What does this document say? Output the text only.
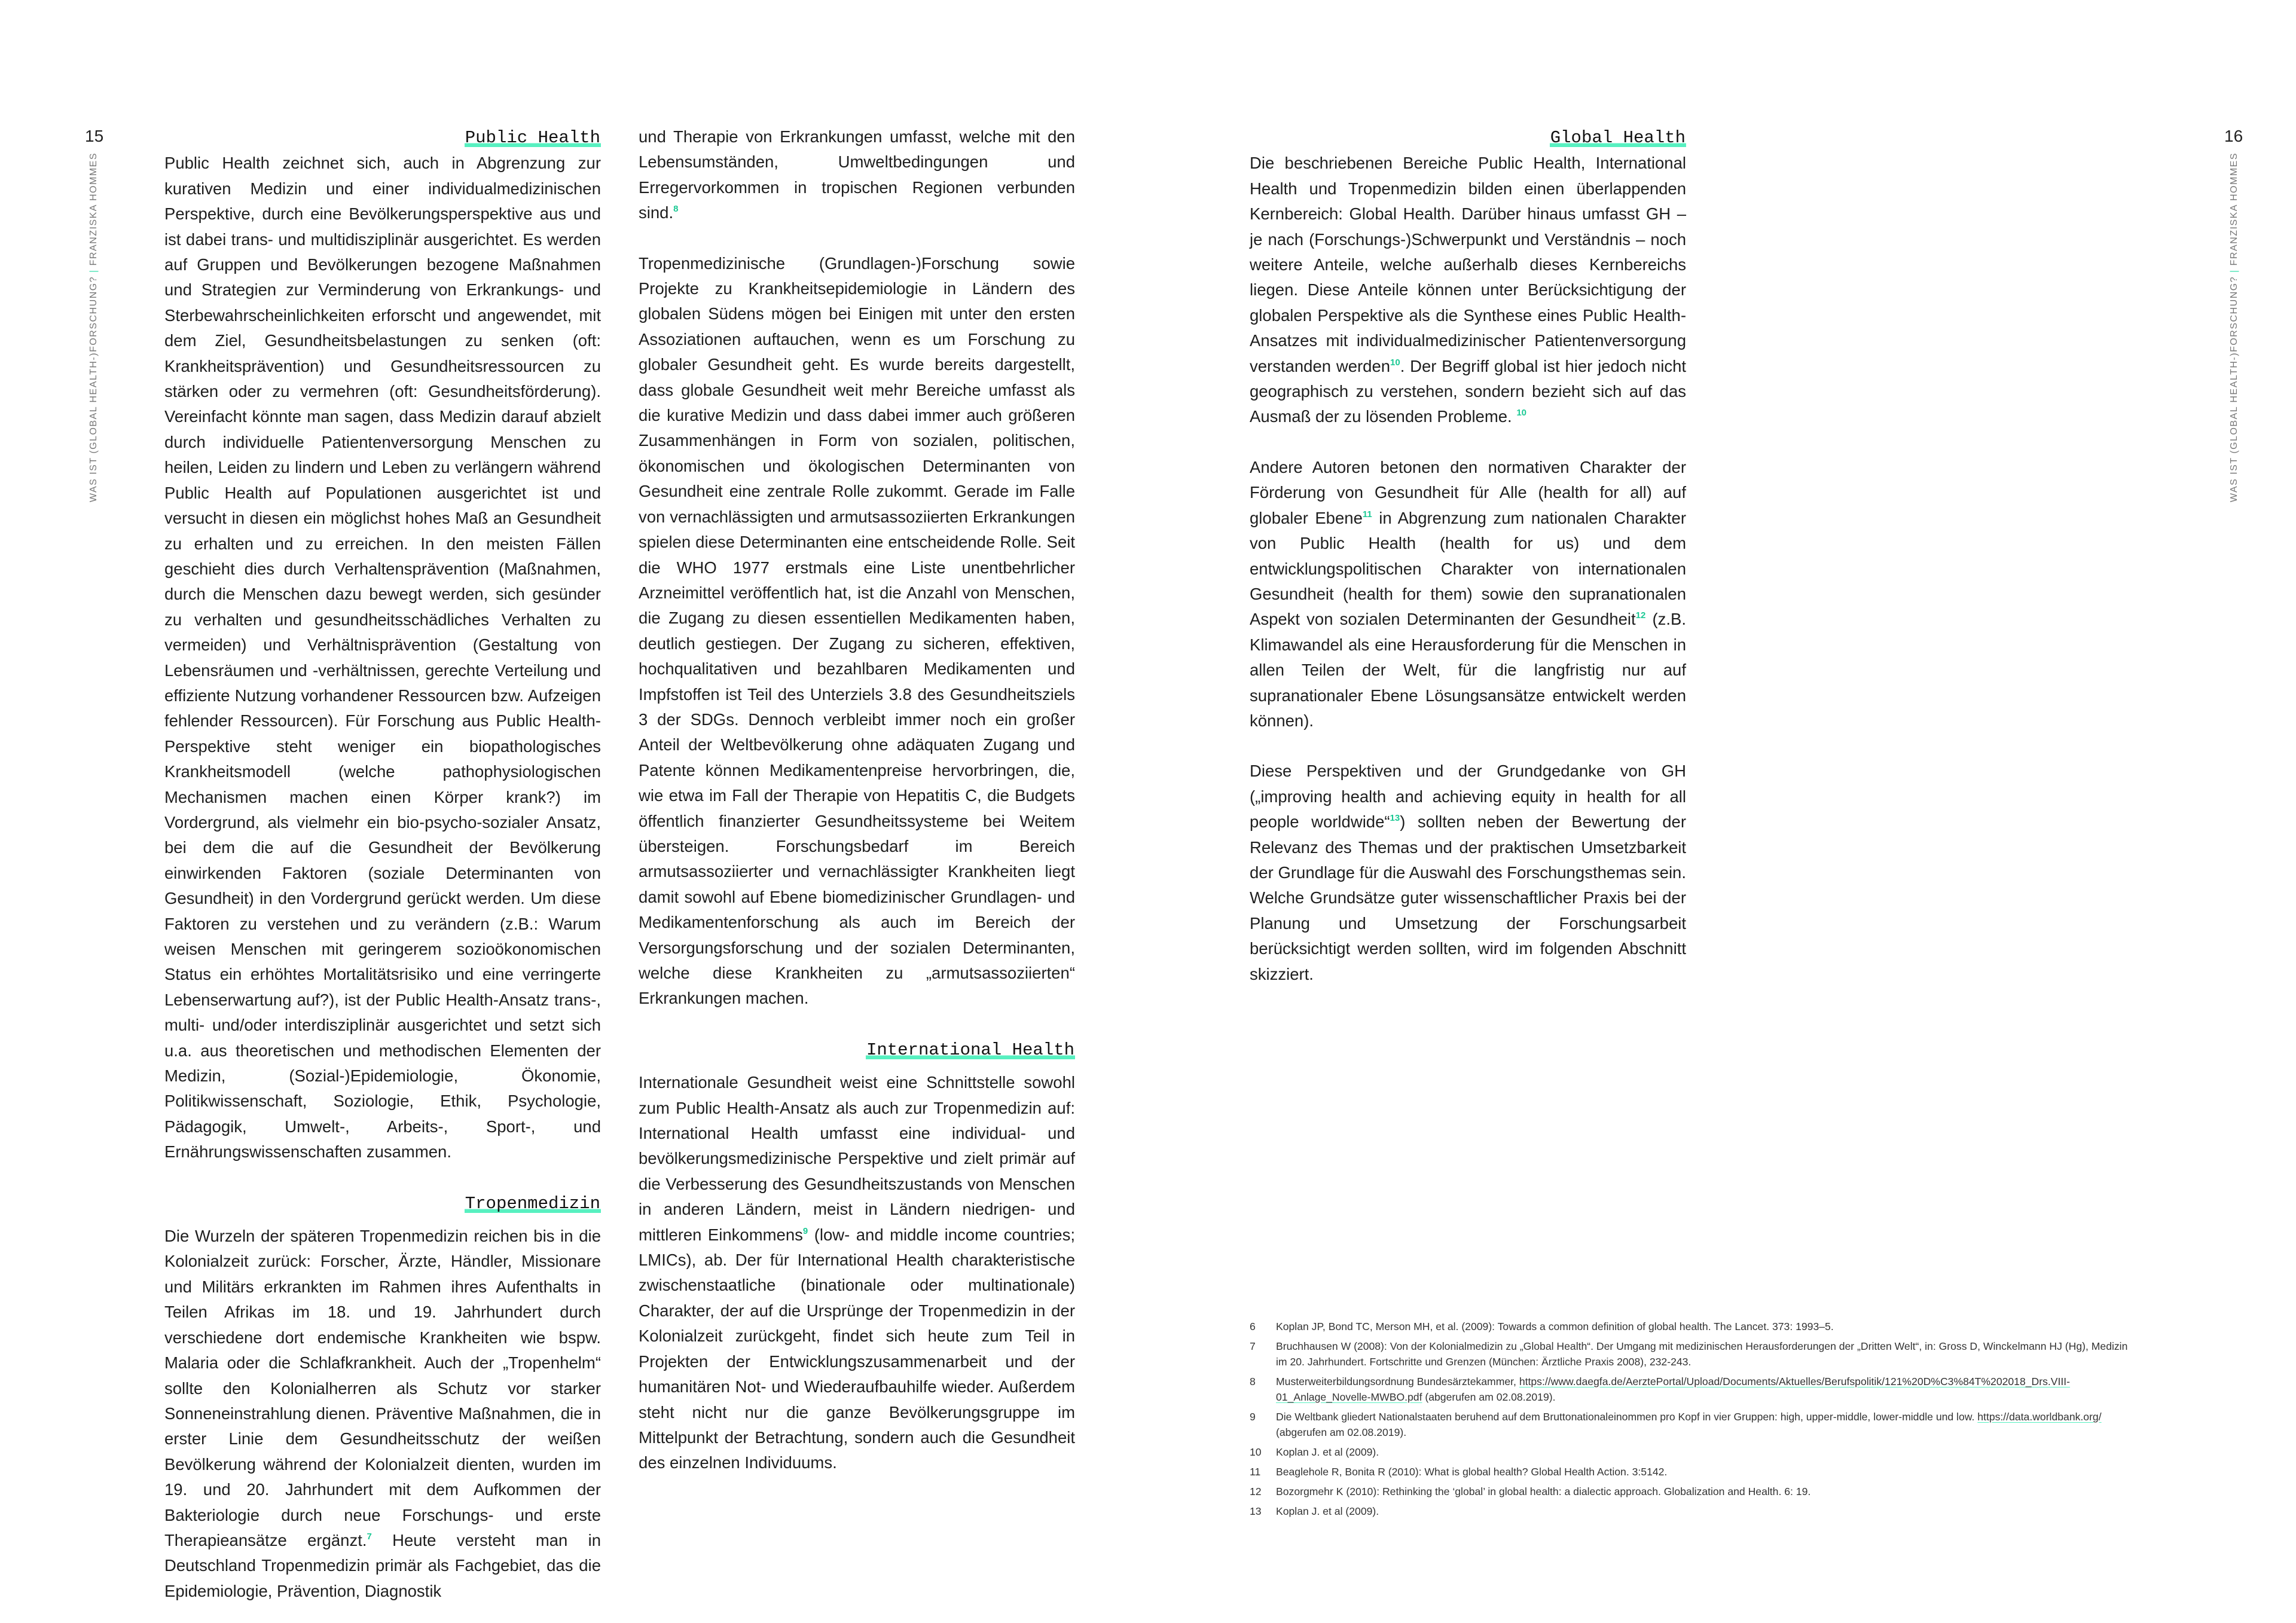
15
WAS IST (GLOBAL HEALTH-)FORSCHUNG? | FRANZISKA HOMMES
16
WAS IST (GLOBAL HEALTH-)FORSCHUNG? | FRANZISKA HOMMES
Public Health

Public Health zeichnet sich, auch in Abgrenzung zur kurativen Medizin und einer individualmedizinischen Perspektive, durch eine Bevölkerungsperspektive aus und ist dabei trans- und multidisziplinär ausgerichtet. Es werden auf Gruppen und Bevölkerungen bezogene Maßnahmen und Strategien zur Verminderung von Erkrankungs- und Sterbewahrscheinlichkeiten erforscht und angewendet, mit dem Ziel, Gesundheitsbelastungen zu senken (oft: Krankheitsprävention) und Gesundheitsressourcen zu stärken oder zu vermehren (oft: Gesundheitsförderung). Vereinfacht könnte man sagen, dass Medizin darauf abzielt durch individuelle Patientenversorgung Menschen zu heilen, Leiden zu lindern und Leben zu verlängern während Public Health auf Populationen ausgerichtet ist und versucht in diesen ein möglichst hohes Maß an Gesundheit zu erhalten und zu erreichen. In den meisten Fällen geschieht dies durch Verhaltensprävention (Maßnahmen, durch die Menschen dazu bewegt werden, sich gesünder zu verhalten und gesundheitsschädliches Verhalten zu vermeiden) und Verhältnisprävention (Gestaltung von Lebensräumen und -verhältnissen, gerechte Verteilung und effiziente Nutzung vorhandener Ressourcen bzw. Aufzeigen fehlender Ressourcen). Für Forschung aus Public Health-Perspektive steht weniger ein biopathologisches Krankheitsmodell (welche pathophysiologischen Mechanismen machen einen Körper krank?) im Vordergrund, als vielmehr ein bio-psycho-sozialer Ansatz, bei dem die auf die Gesundheit der Bevölkerung einwirkenden Faktoren (soziale Determinanten von Gesundheit) in den Vordergrund gerückt werden. Um diese Faktoren zu verstehen und zu verändern (z.B.: Warum weisen Menschen mit geringerem sozioökonomischen Status ein erhöhtes Mortalitätsrisiko und eine verringerte Lebenserwartung auf?), ist der Public Health-Ansatz trans-, multi- und/oder interdisziplinär ausgerichtet und setzt sich u.a. aus theoretischen und methodischen Elementen der Medizin, (Sozial-)Epidemiologie, Ökonomie, Politikwissenschaft, Soziologie, Ethik, Psychologie, Pädagogik, Umwelt-, Arbeits-, Sport-, und Ernährungswissenschaften zusammen.

Tropenmedizin

Die Wurzeln der späteren Tropenmedizin reichen bis in die Kolonialzeit zurück: Forscher, Ärzte, Händler, Missionare und Militärs erkrankten im Rahmen ihres Aufenthalts in Teilen Afrikas im 18. und 19. Jahrhundert durch verschiedene dort endemische Krankheiten wie bspw. Malaria oder die Schlafkrankheit. Auch der „Tropenhelm“ sollte den Kolonialherren als Schutz vor starker Sonneneinstrahlung dienen. Präventive Maßnahmen, die in erster Linie dem Gesundheitsschutz der weißen Bevölkerung während der Kolonialzeit dienten, wurden im 19. und 20. Jahrhundert mit dem Aufkommen der Bakteriologie durch neue Forschungs- und erste Therapieansätze ergänzt.$^7$ Heute versteht man in Deutschland Tropenmedizin primär als Fachgebiet, das die Epidemiologie, Prävention, Diagnostik

und Therapie von Erkrankungen umfasst, welche mit den Lebensumständen, Umweltbedingungen und Erregervorkommen in tropischen Regionen verbunden sind.$^8$

Tropenmedizinische (Grundlagen-)Forschung sowie Projekte zu Krankheitsepidemiologie in Ländern des globalen Südens mögen bei Einigen mit unter den ersten Assoziationen auftauchen, wenn es um Forschung zu globaler Gesundheit geht. Es wurde bereits dargestellt, dass globale Gesundheit weit mehr Bereiche umfasst als die kurative Medizin und dass dabei immer auch größeren Zusammenhängen in Form von sozialen, politischen, ökonomischen und ökologischen Determinanten von Gesundheit eine zentrale Rolle zukommt. Gerade im Falle von vernachlässigten und armutsassoziierten Erkrankungen spielen diese Determinanten eine entscheidende Rolle. Seit die WHO 1977 erstmals eine Liste unentbehrlicher Arzneimittel veröffentlich hat, ist die Anzahl von Menschen, die Zugang zu diesen essentiellen Medikamenten haben, deutlich gestiegen. Der Zugang zu sicheren, effektiven, hochqualitativen und bezahlbaren Medikamenten und Impfstoffen ist Teil des Unterziels 3.8 des Gesundheitsziels 3 der SDGs. Dennoch verbleibt immer noch ein großer Anteil der Weltbevölkerung ohne adäquaten Zugang und Patente können Medikamentenpreise hervorbringen, die, wie etwa im Fall der Therapie von Hepatitis C, die Budgets öffentlich finanzierter Gesundheitssysteme bei Weitem übersteigen. Forschungsbedarf im Bereich armutsassoziierter und vernachlässigter Krankheiten liegt damit sowohl auf Ebene biomedizinischer Grundlagen- und Medikamentenforschung als auch im Bereich der Versorgungsforschung und der sozialen Determinanten, welche diese Krankheiten zu „armutsassoziierten“ Erkrankungen machen.

International Health

Internationale Gesundheit weist eine Schnittstelle sowohl zum Public Health-Ansatz als auch zur Tropenmedizin auf: International Health umfasst eine individual- und bevölkerungsmedizinische Perspektive und zielt primär auf die Verbesserung des Gesundheitszustands von Menschen in anderen Ländern, meist in Ländern niedrigen- und mittleren Einkommens$^9$ (low- and middle income countries; LMICs), ab. Der für International Health charakteristische zwischenstaatliche (binationale oder multinationale) Charakter, der auf die Ursprünge der Tropenmedizin in der Kolonialzeit zurückgeht, findet sich heute zum Teil in Projekten der Entwicklungszusammenarbeit und der humanitären Not- und Wiederaufbauhilfe wieder. Außerdem steht nicht nur die ganze Bevölkerungsgruppe im Mittelpunkt der Betrachtung, sondern auch die Gesundheit des einzelnen Individuums.

Global Health

Die beschriebenen Bereiche Public Health, International Health und Tropenmedizin bilden einen überlappenden Kernbereich: Global Health. Darüber hinaus umfasst GH – je nach (Forschungs-)Schwerpunkt und Verständnis – noch weitere Anteile, welche außerhalb dieses Kernbereichs liegen. Diese Anteile können unter Berücksichtigung der globalen Perspektive als die Synthese eines Public Health-Ansatzes mit individualmedizinischer Patientenversorgung verstanden werden$^{10}$. Der Begriff global ist hier jedoch nicht geographisch zu verstehen, sondern bezieht sich auf das Ausmaß der zu lösenden Probleme. $^{10}$

Andere Autoren betonen den normativen Charakter der Förderung von Gesundheit für Alle (health for all) auf globaler Ebene$^{11}$ in Abgrenzung zum nationalen Charakter von Public Health (health for us) und dem entwicklungspolitischen Charakter von internationalen Gesundheit (health for them) sowie den supranationalen Aspekt von sozialen Determinanten der Gesundheit$^{12}$ (z.B. Klimawandel als eine Herausforderung für die Menschen in allen Teilen der Welt, für die langfristig nur auf supranationaler Ebene Lösungsansätze entwickelt werden können).

Diese Perspektiven und der Grundgedanke von GH („improving health and achieving equity in health for all people worldwide“$^{13}$) sollten neben der Bewertung der Relevanz des Themas und der praktischen Umsetzbarkeit der Grundlage für die Auswahl des Forschungsthemas sein. Welche Grundsätze guter wissenschaftlicher Praxis bei der Planung und Umsetzung der Forschungsarbeit berücksichtigt werden sollten, wird im folgenden Abschnitt skizziert.

6	Koplan JP, Bond TC, Merson MH, et al. (2009): Towards a common definition of global health. The Lancet. 373: 1993–5.
7	Bruchhausen W (2008): Von der Kolonialmedizin zu „Global Health“. Der Umgang mit medizinischen Herausforderungen der „Dritten Welt“, in: Gross D, Winckelmann HJ (Hg), Medizin im 20. Jahrhundert. Fortschritte und Grenzen (München: Ärztliche Praxis 2008), 232-243.
8	Musterweiterbildungsordnung Bundesärztekammer, https://www.daegfa.de/AerztePortal/Upload/Documents/Aktuelles/Berufspolitik/121%20D%C3%84T%202018_Drs.VIII-01_Anlage_Novelle-MWBO.pdf (abgerufen am 02.08.2019).
9	Die Weltbank gliedert Nationalstaaten beruhend auf dem Bruttonationaleinommen pro Kopf in vier Gruppen: high, upper-middle, lower-middle und low. https://data.worldbank.org/ (abgerufen am 02.08.2019).
10	Koplan J. et al (2009).
11	Beaglehole R, Bonita R (2010): What is global health? Global Health Action. 3:5142.
12	Bozorgmehr K (2010): Rethinking the ‘global’ in global health: a dialectic approach. Globalization and Health. 6: 19.
13	Koplan J. et al (2009).
